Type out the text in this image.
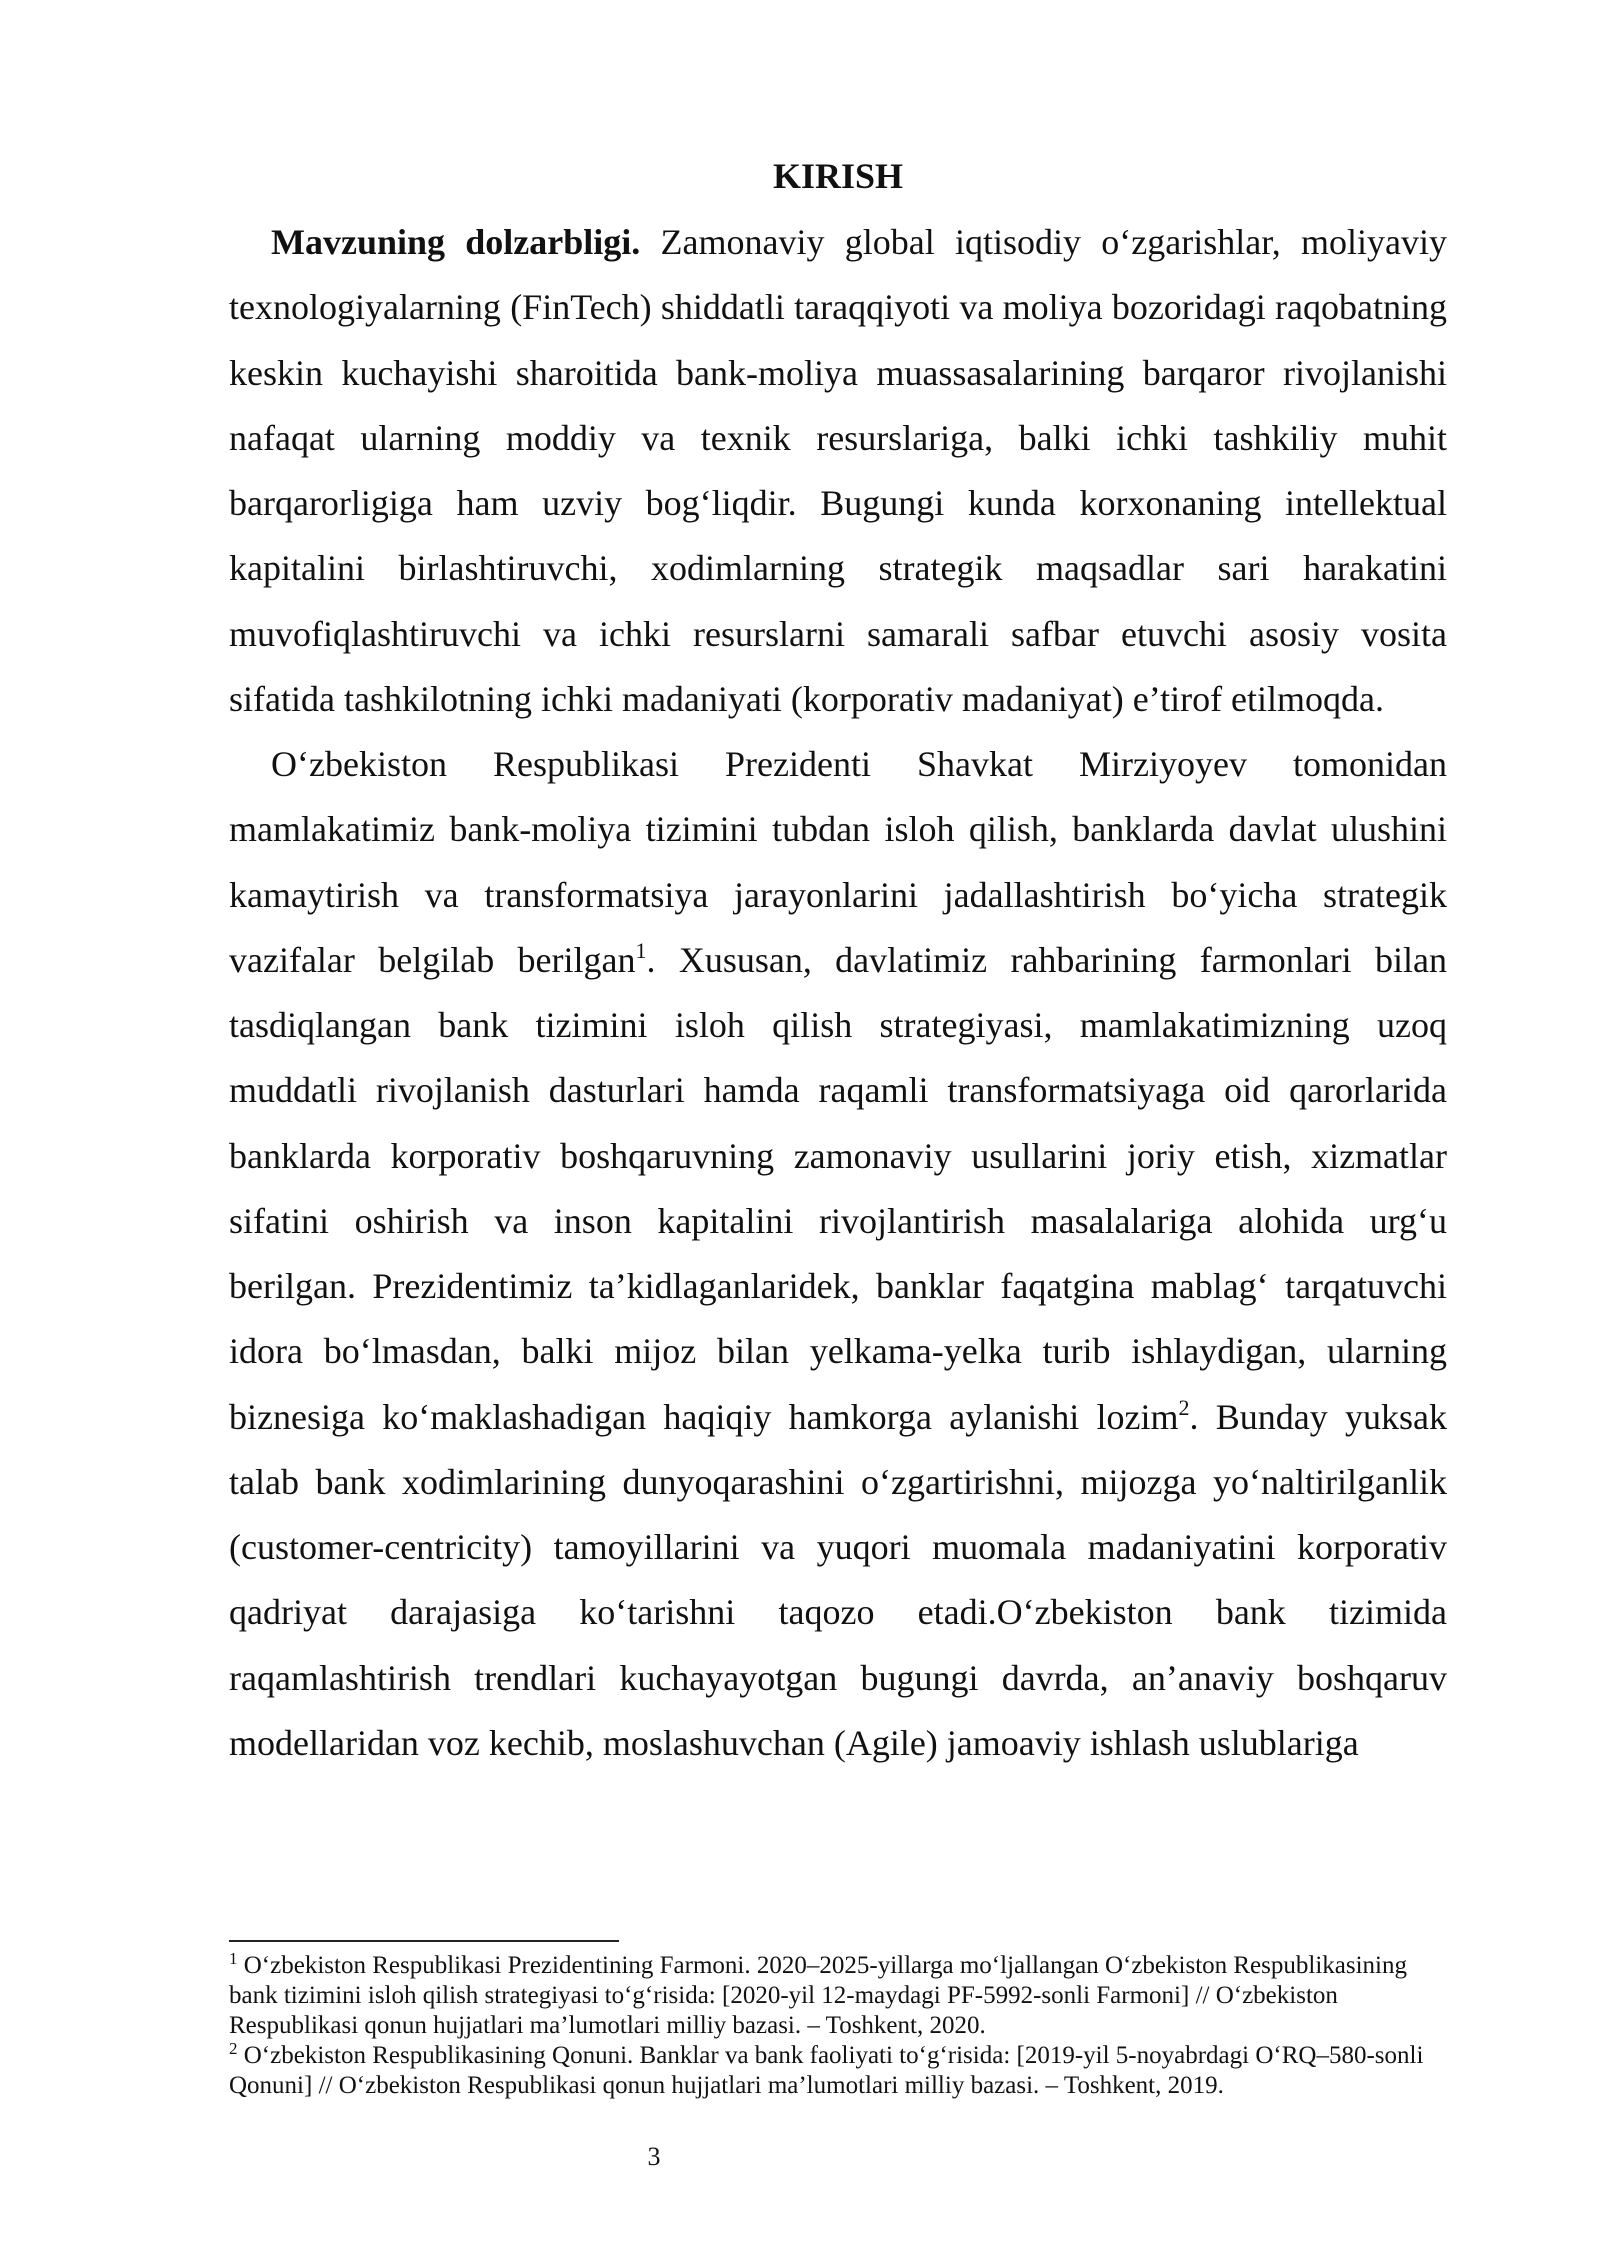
KIRISH

Mavzuning dolzarbligi. Zamonaviy global iqtisodiy o‘zgarishlar, moliyaviy texnologiyalarning (FinTech) shiddatli taraqqiyoti va moliya bozoridagi raqobatning keskin kuchayishi sharoitida bank-moliya muassasalarining barqaror rivojlanishi nafaqat ularning moddiy va texnik resurslariga, balki ichki tashkiliy muhit barqarorligiga ham uzviy bog‘liqdir. Bugungi kunda korxonaning intellektual kapitalini birlashtiruvchi, xodimlarning strategik maqsadlar sari harakatini muvofiqlashtiruvchi va ichki resurslarni samarali safbar etuvchi asosiy vosita sifatida tashkilotning ichki madaniyati (korporativ madaniyat) e’tirof etilmoqda.

O‘zbekiston Respublikasi Prezidenti Shavkat Mirziyoyev tomonidan mamlakatimiz bank-moliya tizimini tubdan isloh qilish, banklarda davlat ulushini kamaytirish va transformatsiya jarayonlarini jadallashtirish bo‘yicha strategik vazifalar belgilab berilgan$^1$. Xususan, davlatimiz rahbarining farmonlari bilan tasdiqlangan bank tizimini isloh qilish strategiyasi, mamlakatimizning uzoq muddatli rivojlanish dasturlari hamda raqamli transformatsiyaga oid qarorlarida banklarda korporativ boshqaruvning zamonaviy usullarini joriy etish, xizmatlar sifatini oshirish va inson kapitalini rivojlantirish masalalariga alohida urg‘u berilgan. Prezidentimiz ta’kidlaganlaridek, banklar faqatgina mablag‘ tarqatuvchi idora bo‘lmasdan, balki mijoz bilan yelkama-yelka turib ishlaydigan, ularning biznesiga ko‘maklashadigan haqiqiy hamkorga aylanishi lozim$^2$. Bunday yuksak talab bank xodimlarining dunyoqarashini o‘zgartirishni, mijozga yo‘naltirilganlik (customer-centricity) tamoyillarini va yuqori muomala madaniyatini korporativ qadriyat darajasiga ko‘tarishni taqozo etadi.O‘zbekiston bank tizimida raqamlashtirish trendlari kuchayayotgan bugungi davrda, an’anaviy boshqaruv modellaridan voz kechib, moslashuvchan (Agile) jamoaviy ishlash uslublariga

$^1$ O‘zbekiston Respublikasi Prezidentining Farmoni. 2020–2025-yillarga mo‘ljallangan O‘zbekiston Respublikasining bank tizimini isloh qilish strategiyasi to‘g‘risida: [2020-yil 12-maydagi PF-5992-sonli Farmoni] // O‘zbekiston Respublikasi qonun hujjatlari ma’lumotlari milliy bazasi. – Toshkent, 2020.

$^2$ O‘zbekiston Respublikasining Qonuni. Banklar va bank faoliyati to‘g‘risida: [2019-yil 5-noyabrdagi O‘RQ–580-sonli Qonuni] // O‘zbekiston Respublikasi qonun hujjatlari ma’lumotlari milliy bazasi. – Toshkent, 2019.

3
